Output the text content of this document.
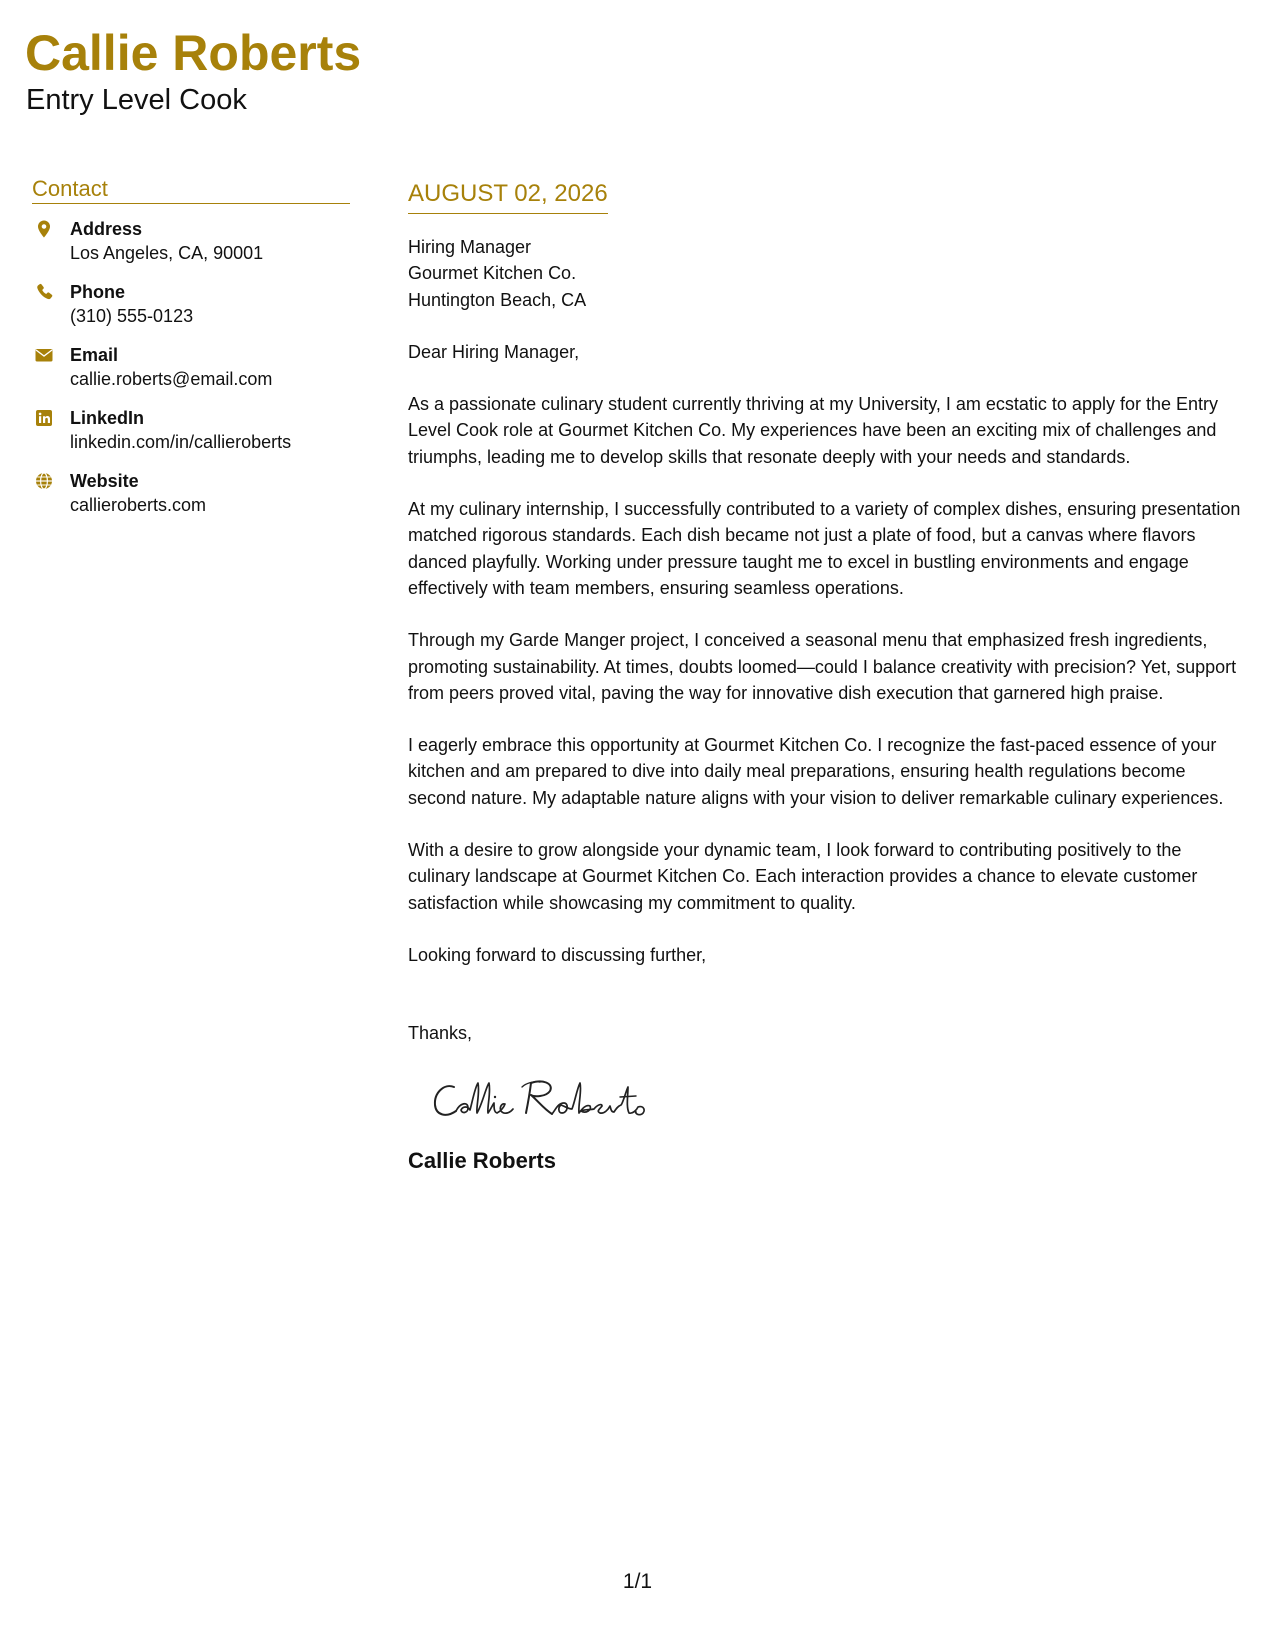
Callie Roberts
Entry Level Cook
Contact
Address
Los Angeles, CA, 90001
Phone
(310) 555-0123
Email
callie.roberts@email.com
LinkedIn
linkedin.com/in/callieroberts
Website
callieroberts.com
AUGUST 02, 2026
Hiring Manager
Gourmet Kitchen Co.
Huntington Beach, CA

Dear Hiring Manager,

As a passionate culinary student currently thriving at my University, I am ecstatic to apply for the Entry Level Cook role at Gourmet Kitchen Co. My experiences have been an exciting mix of challenges and triumphs, leading me to develop skills that resonate deeply with your needs and standards.

At my culinary internship, I successfully contributed to a variety of complex dishes, ensuring presentation matched rigorous standards. Each dish became not just a plate of food, but a canvas where flavors danced playfully. Working under pressure taught me to excel in bustling environments and engage effectively with team members, ensuring seamless operations.

Through my Garde Manger project, I conceived a seasonal menu that emphasized fresh ingredients, promoting sustainability. At times, doubts loomed—could I balance creativity with precision? Yet, support from peers proved vital, paving the way for innovative dish execution that garnered high praise.

I eagerly embrace this opportunity at Gourmet Kitchen Co. I recognize the fast-paced essence of your kitchen and am prepared to dive into daily meal preparations, ensuring health regulations become second nature. My adaptable nature aligns with your vision to deliver remarkable culinary experiences.

With a desire to grow alongside your dynamic team, I look forward to contributing positively to the culinary landscape at Gourmet Kitchen Co. Each interaction provides a chance to elevate customer satisfaction while showcasing my commitment to quality.

Looking forward to discussing further,

Thanks,

Callie Roberts
1/1
